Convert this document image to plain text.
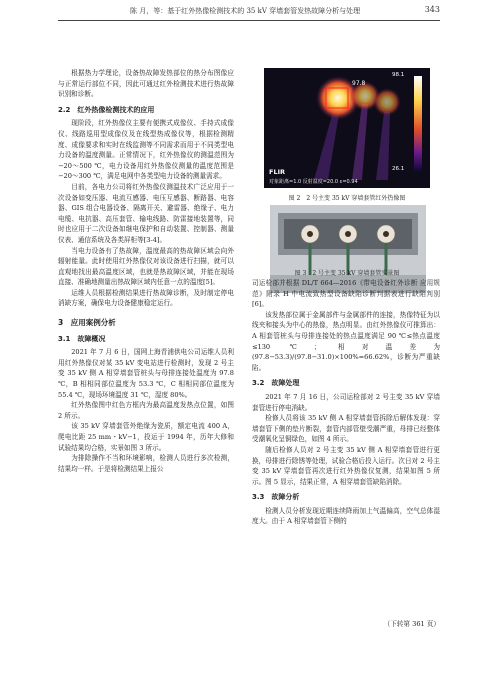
陈 月，等：基于红外热像检测技术的 35 kV 穿墙套管发热故障分析与处理	343

根据热力学理论，设备热故障发热部位的热分布图像应与正常运行部位不同，因此可通过红外检测技术进行热故障识别和诊断。

2.2　红外热像检测技术的应用

现阶段，红外热像仪主要有便携式成像仪、手持式成像仪、线路巡用型成像仪及在线型热成像仪等，根据检测精度、成像要求和实时在线监测等不同需求而用于不同类型电力设备的温度测量。正常情况下，红外热像仪的测温范围为 −20～500 ℃，电力设备用红外热像仪测量的温度范围是 −20～300 ℃，满足电网中各类型电力设备的测量需求。

目前，各电力公司将红外热像仪测温技术广泛应用于一次设备如变压器、电流互感器、电压互感器、断路器、电容器、GIS 组合电器设备、隔离开关、避雷器、绝缘子、电力电缆、电抗器、高压套管、输电线路、防雷接地装置等，同时也应用于二次设备如继电保护和自动装置、控制器、测量仪表、通信系统及各类屏柜等[3-4]。

当电力设备有了热故障，温度最高的热故障区域会向外辐射能量。此时使用红外热像仪对该设备进行扫描，就可以直观地找出最高温度区域，也就是热故障区域，并能在现场直接、准确地测量出热故障区域内任意一点的温度[5]。

运维人员根据检测结果进行热故障诊断，及时制定停电消缺方案，确保电力设备健康稳定运行。

3　应用案例分析
3.1　故障概况

2021 年 7 月 6 日，国网上海青浦供电公司运维人员利用红外热像仪对某 35 kV 变电站进行检测时，发现 2 号主变 35 kV 侧 A 相穿墙套管桩头与母排连接处温度为 97.8 ℃，B 相相同部位温度为 53.3 ℃，C 相相同部位温度为 55.4 ℃，现场环境温度 31 ℃，湿度 80%。

红外热像图中红色方框内为最高温度发热点位置，如图 2 所示。

该 35 kV 穿墙套管外绝缘为瓷质，额定电流 400 A，爬电比距 25 mm・kV−1，投运于 1994 年，历年大修和试验结果均合格，实景如图 3 所示。

为排除操作不当和环境影响，检测人员进行多次检测，结果均一样。于是将检测结果上报公

97.8
98.1
26.1
FLIR
对象距离=1.0 反射温度=20.0 ε=0.94
图 2　2 号主变 35 kV 穿墙套管红外热像图
图 3　2 号主变 35 kV 穿墙套管实景图

司运检部并根据 DL/T 664—2016《带电设备红外诊断 应用规范》附录 H 中电流致热型设备缺陷诊断判据表进行缺陷判别[6]。

该发热部位属于金属部件与金属部件的连接，热像特征为以线夹和接头为中心的热像，热点明显。由红外热像仪可推算出：A 相套管桩头与母排连接处的热点温度满足 90 ℃≤热点温度≤130 ℃；相对温差为 (97.8−53.3)/(97.8−31.0)×100%=66.62%，诊断为严重缺陷。

3.2　故障处理

2021 年 7 月 16 日，公司运检部对 2 号主变 35 kV 穿墙套管进行停电消缺。

检修人员将该 35 kV 侧 A 相穿墙套管拆除后解体发现：穿墙套管下侧的垫片断裂，套管内部管壁受潮严重，母排已经整体受潮氧化呈铜绿色，如图 4 所示。

随后检修人员对 2 号主变 35 kV 侧 A 相穿墙套管进行更换，母排进行除锈等处理，试验合格后投入运行。次日对 2 号主变 35 kV 穿墙套管再次进行红外热像仪复测，结果如图 5 所示。图 5 显示，结果正常，A 相穿墙套管缺陷消除。

3.3　故障分析

检测人员分析发现近期连续降雨加上气温偏高，空气总体湿度大。由于 A 相穿墙套管下侧的

（下转第 361 页）
